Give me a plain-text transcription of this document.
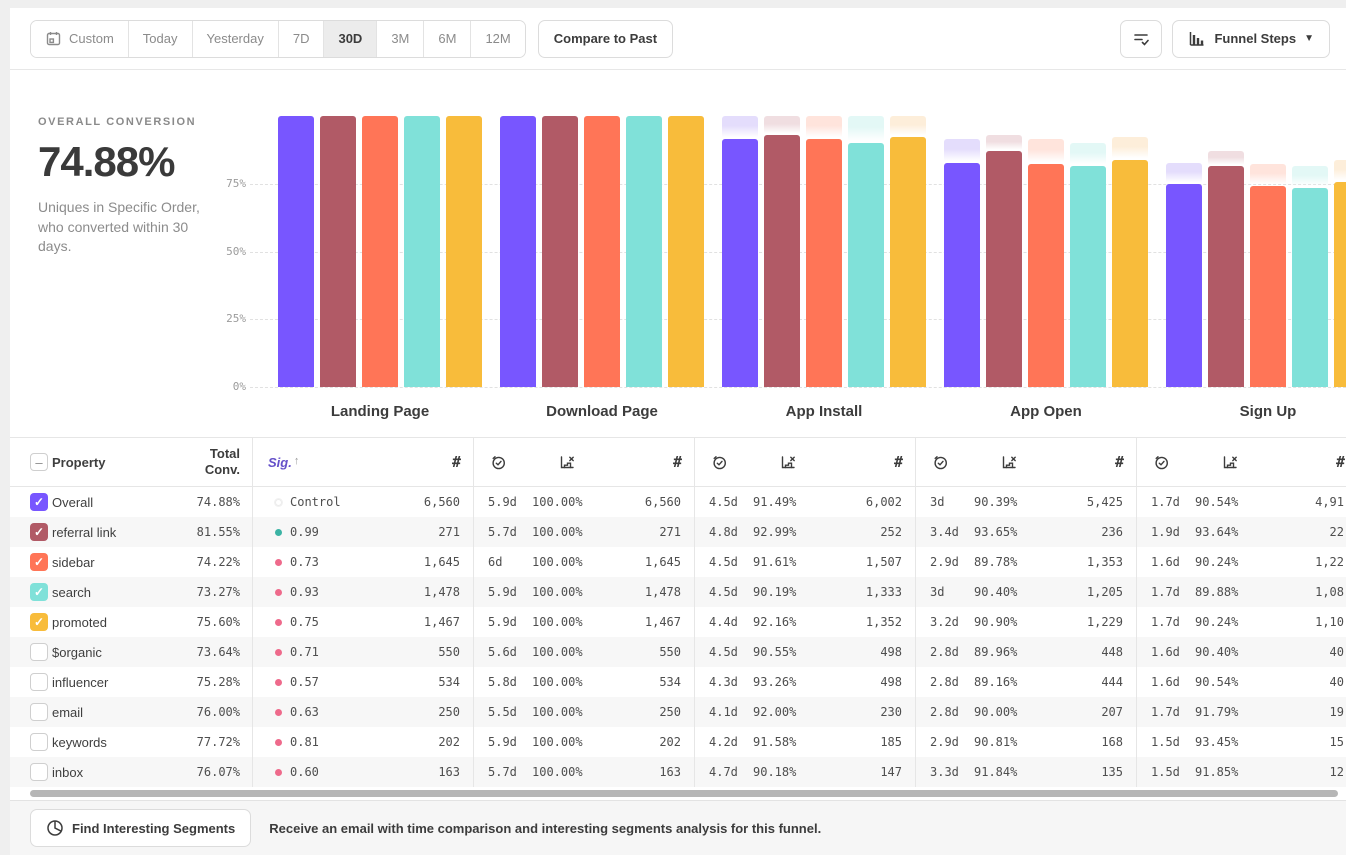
Custom Today Yesterday 7D 30D 3M 6M 12M	Compare to Past	Funnel Steps ▼
OVERALL CONVERSION
74.88%
Uniques in Specific Order, who converted within 30 days.
75%
50%
25%
0%
Landing Page	Download Page	App Install	App Open	Sign Up
– Property
Total Conv.	Sig. ↑	#	#	#	#	#
✓ Overall	74.88%	Control	6,560	5.9d	100.00%	6,560	4.5d	91.49%	6,002	3d	90.39%	5,425	1.7d	90.54%	4,91
✓ referral link	81.55%	0.99	271	5.7d	100.00%	271	4.8d	92.99%	252	3.4d	93.65%	236	1.9d	93.64%	22
✓ sidebar	74.22%	0.73	1,645	6d	100.00%	1,645	4.5d	91.61%	1,507	2.9d	89.78%	1,353	1.6d	90.24%	1,22
✓ search	73.27%	0.93	1,478	5.9d	100.00%	1,478	4.5d	90.19%	1,333	3d	90.40%	1,205	1.7d	89.88%	1,08
✓ promoted	75.60%	0.75	1,467	5.9d	100.00%	1,467	4.4d	92.16%	1,352	3.2d	90.90%	1,229	1.7d	90.24%	1,10
$organic	73.64%	0.71	550	5.6d	100.00%	550	4.5d	90.55%	498	2.8d	89.96%	448	1.6d	90.40%	40
influencer	75.28%	0.57	534	5.8d	100.00%	534	4.3d	93.26%	498	2.8d	89.16%	444	1.6d	90.54%	40
email	76.00%	0.63	250	5.5d	100.00%	250	4.1d	92.00%	230	2.8d	90.00%	207	1.7d	91.79%	19
keywords	77.72%	0.81	202	5.9d	100.00%	202	4.2d	91.58%	185	2.9d	90.81%	168	1.5d	93.45%	15
inbox	76.07%	0.60	163	5.7d	100.00%	163	4.7d	90.18%	147	3.3d	91.84%	135	1.5d	91.85%	12
Find Interesting Segments	Receive an email with time comparison and interesting segments analysis for this funnel.
